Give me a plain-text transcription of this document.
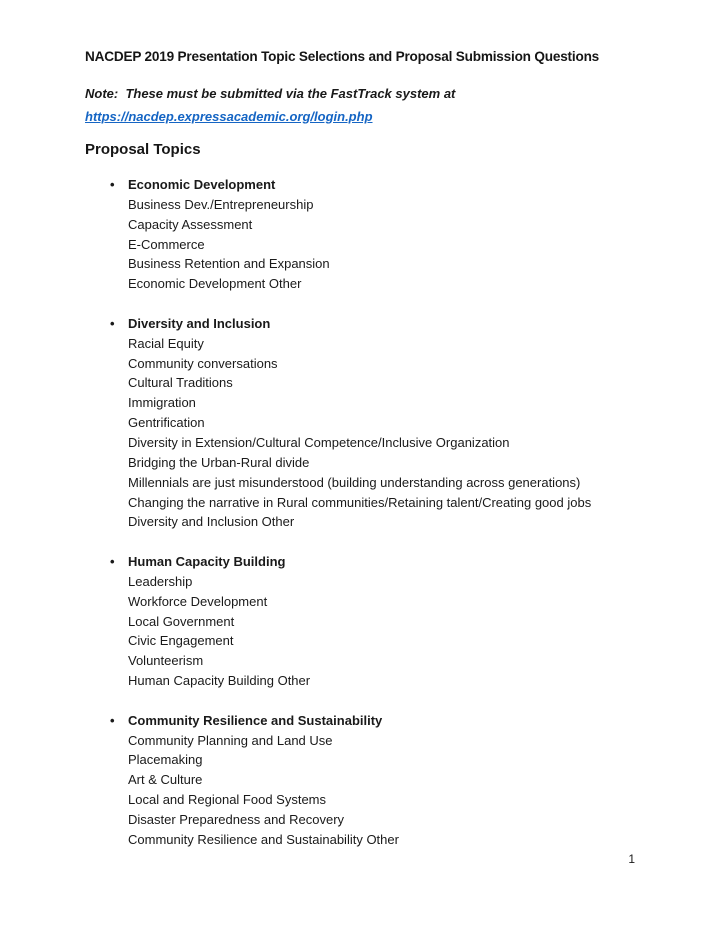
NACDEP 2019 Presentation Topic Selections and Proposal Submission Questions

Note:  These must be submitted via the FastTrack system at
https://nacdep.expressacademic.org/login.php

Proposal Topics
• Economic Development
Business Dev./Entrepreneurship
Capacity Assessment
E-Commerce
Business Retention and Expansion
Economic Development Other
• Diversity and Inclusion
Racial Equity
Community conversations
Cultural Traditions
Immigration
Gentrification
Diversity in Extension/Cultural Competence/Inclusive Organization
Bridging the Urban-Rural divide
Millennials are just misunderstood (building understanding across generations)
Changing the narrative in Rural communities/Retaining talent/Creating good jobs
Diversity and Inclusion Other
• Human Capacity Building
Leadership
Workforce Development
Local Government
Civic Engagement
Volunteerism
Human Capacity Building Other
• Community Resilience and Sustainability
Community Planning and Land Use
Placemaking
Art & Culture
Local and Regional Food Systems
Disaster Preparedness and Recovery
Community Resilience and Sustainability Other
1
